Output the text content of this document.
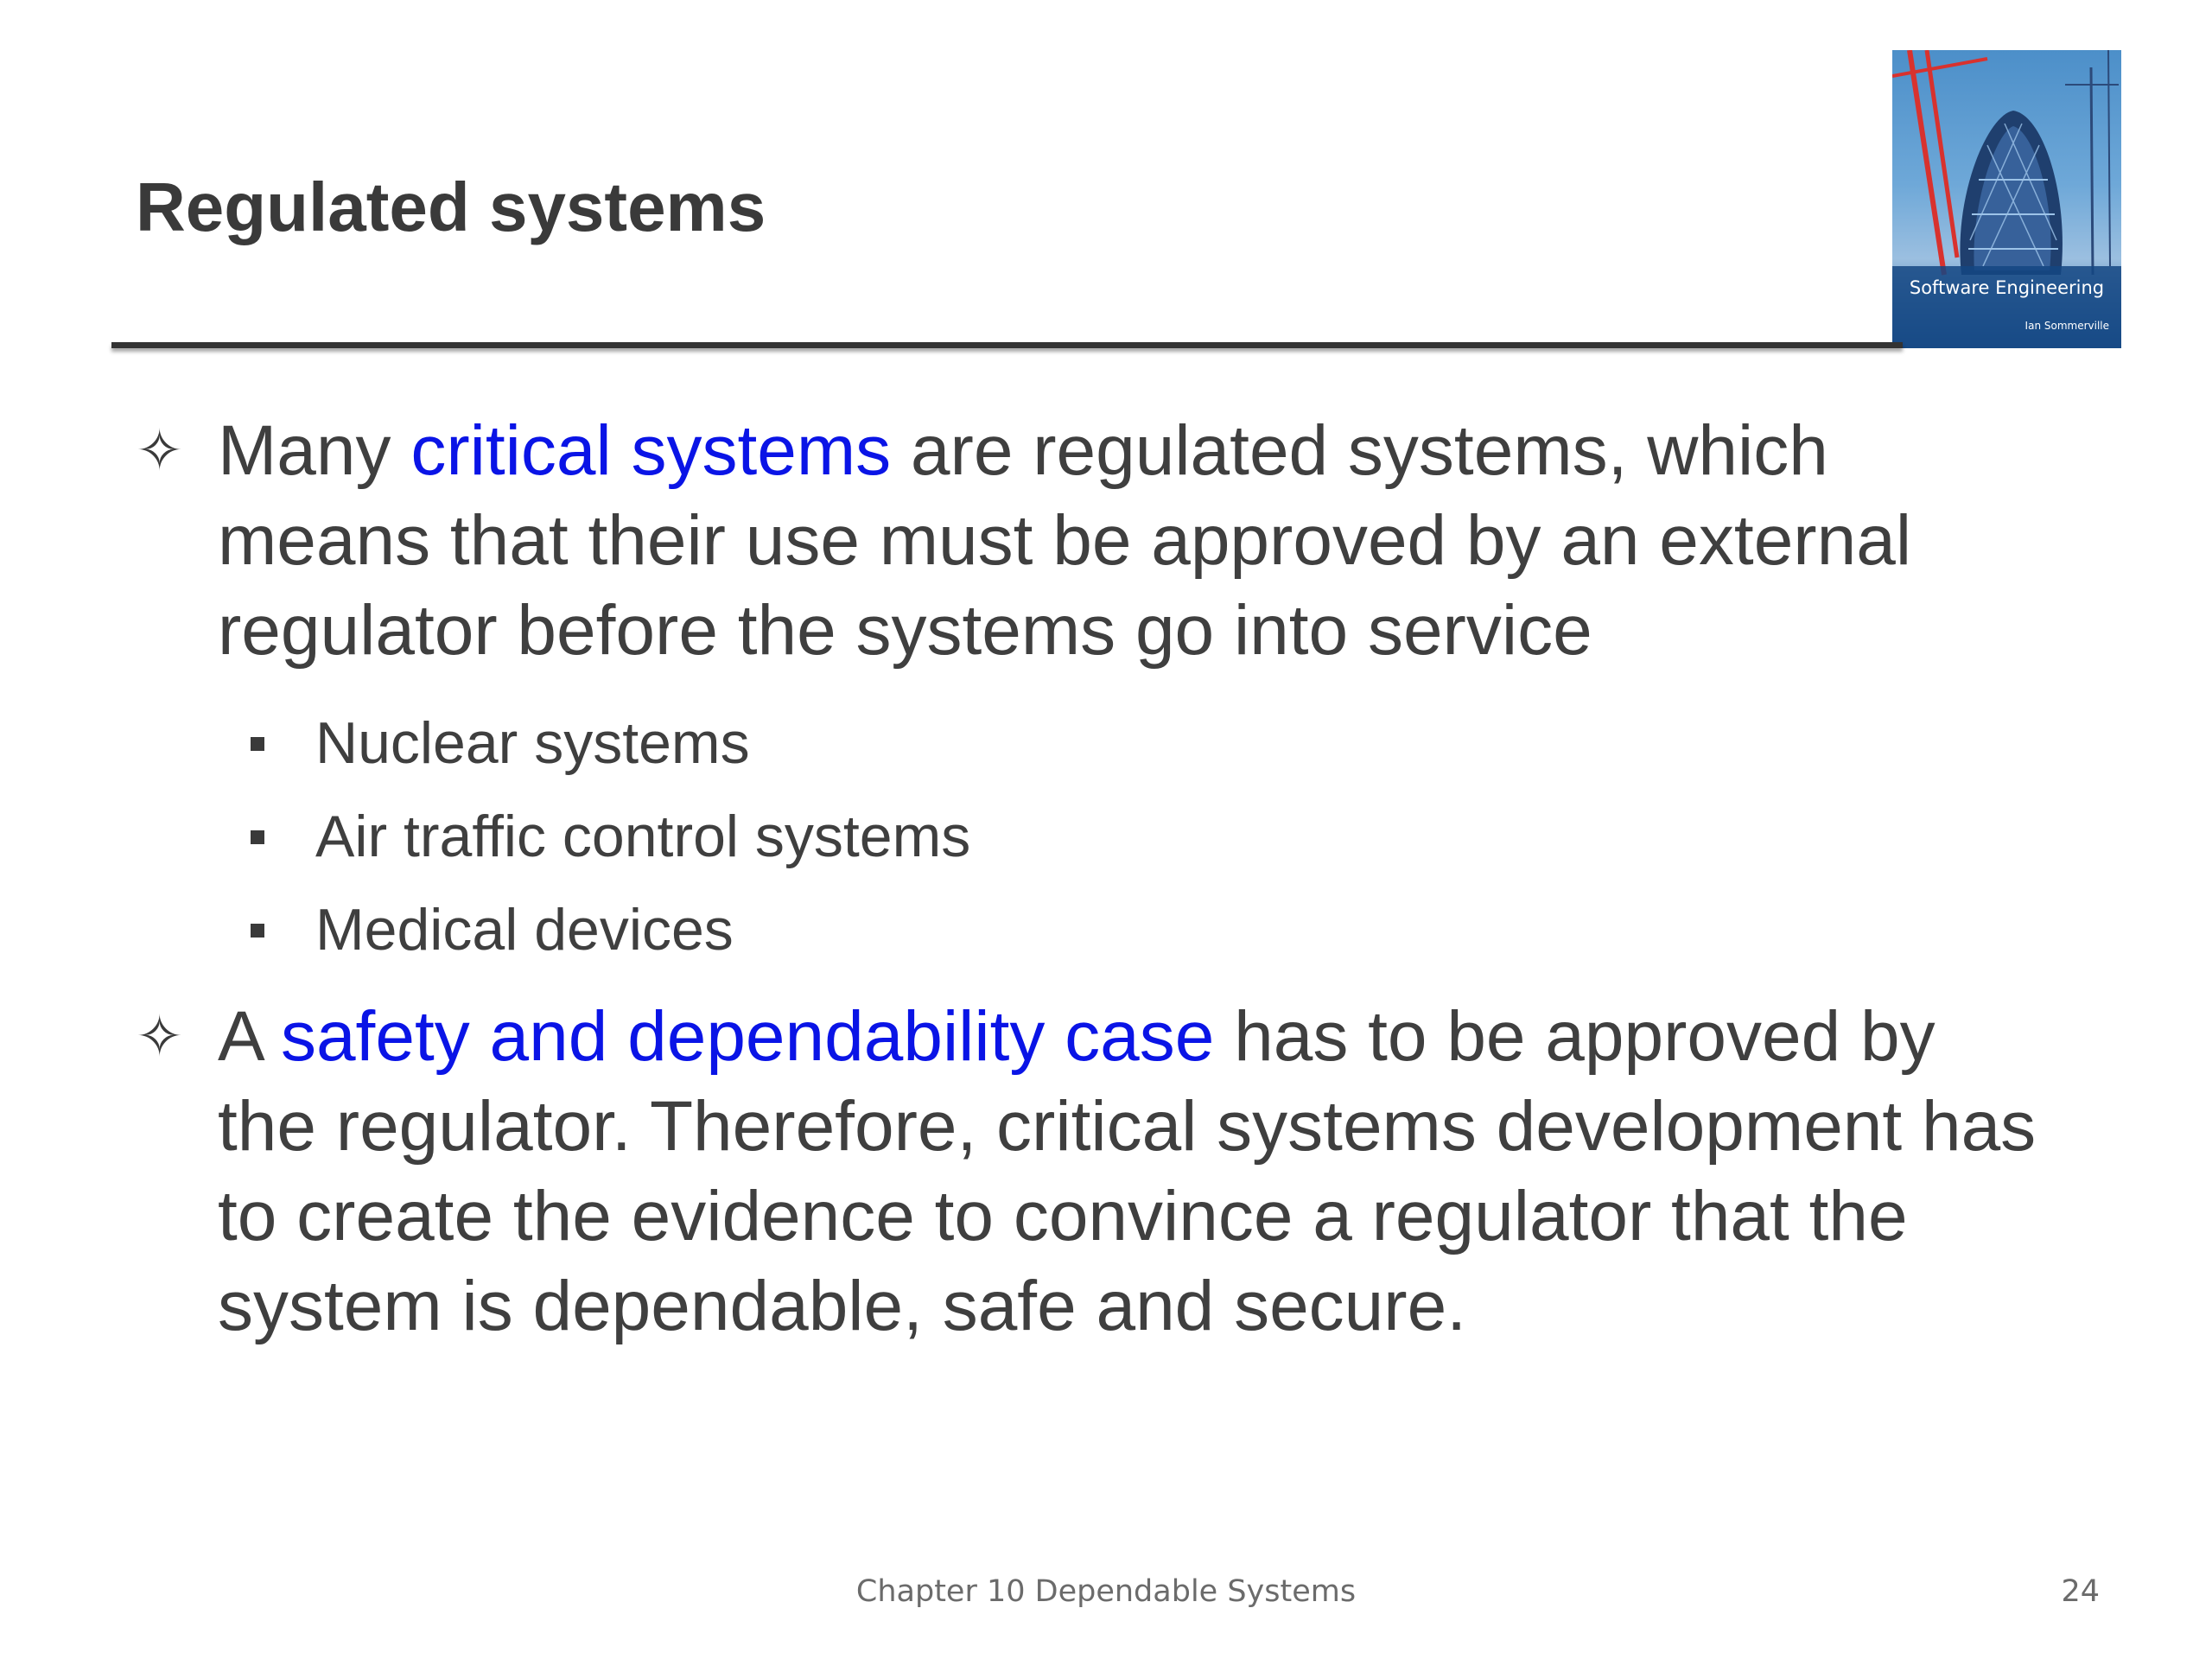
Regulated systems
Software Engineering
Ian Sommerville
✧ Many critical systems are regulated systems, which means that their use must be approved by an external regulator before the systems go into service
Nuclear systems
Air traffic control systems
Medical devices
✧ A safety and dependability case has to be approved by the regulator. Therefore, critical systems development has to create the evidence to convince a regulator that the system is dependable, safe and secure.
Chapter 10 Dependable Systems	24
